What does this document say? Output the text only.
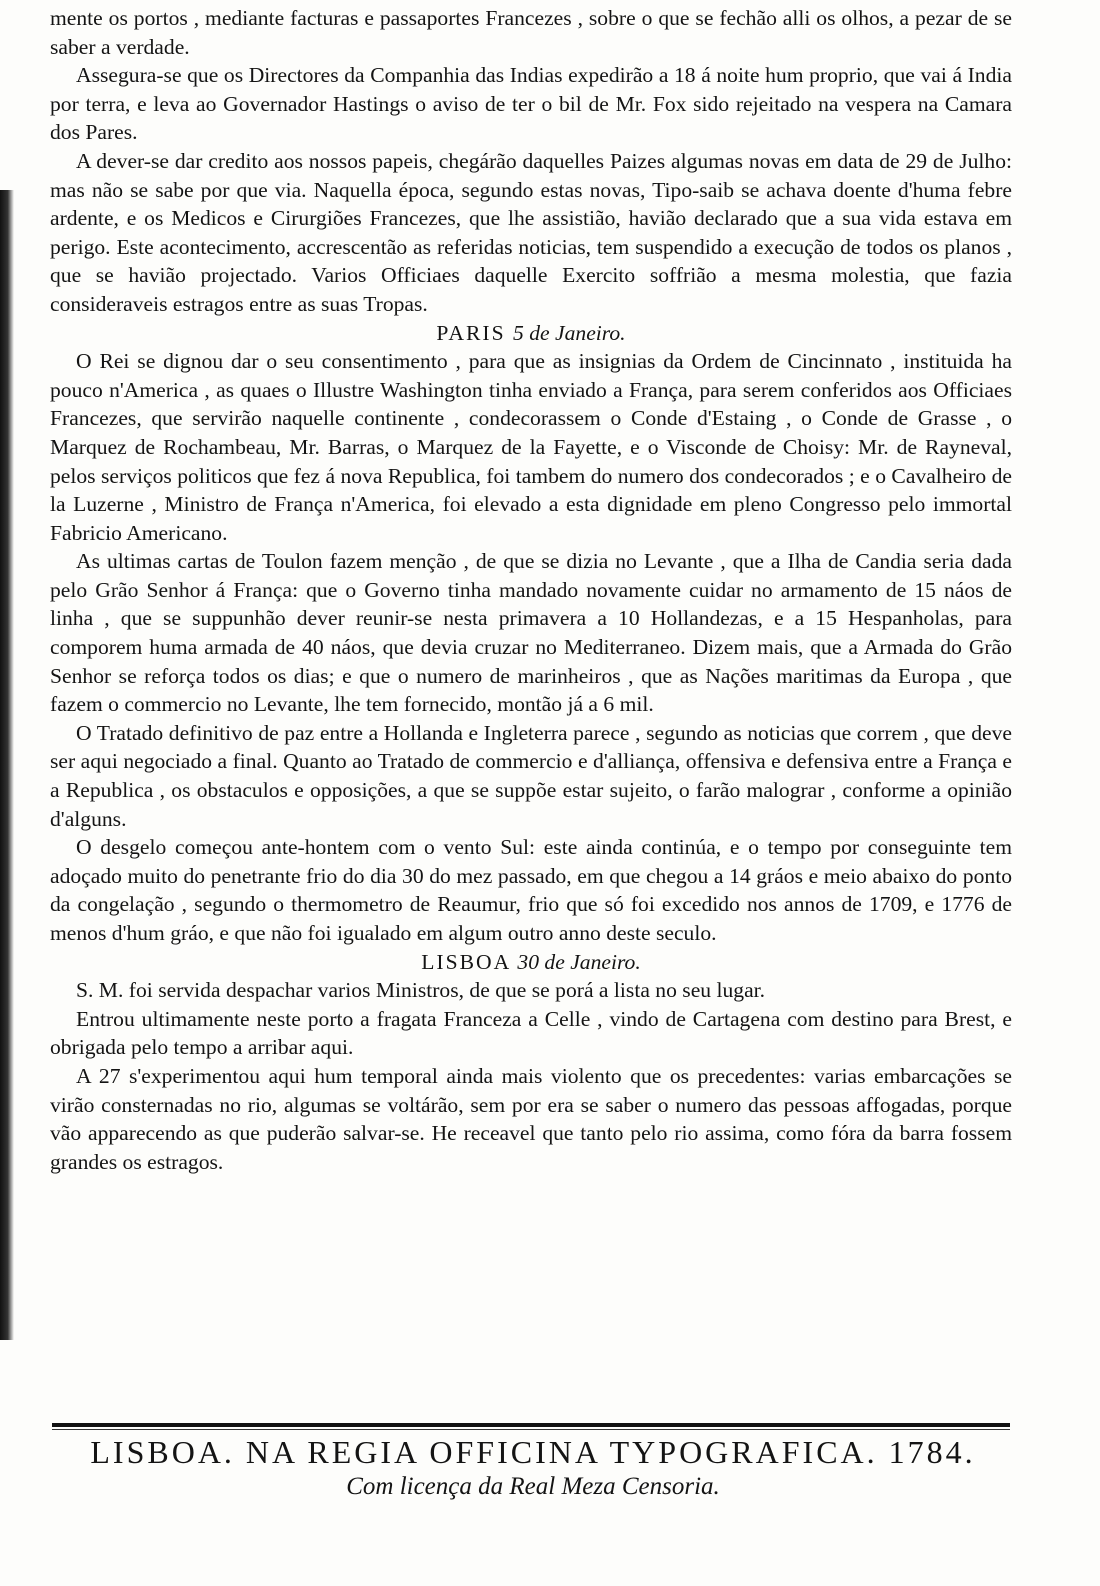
mente os portos , mediante facturas e passaportes Francezes , sobre o que se fechão alli os olhos, a pezar de se saber a verdade.

Assegura-se que os Directores da Companhia das Indias expedirão a 18 á noite hum proprio, que vai á India por terra, e leva ao Governador Hastings o aviso de ter o bil de Mr. Fox sido rejeitado na vespera na Camara dos Pares.

A dever-se dar credito aos nossos papeis, chegárão daquelles Paizes algumas novas em data de 29 de Julho: mas não se sabe por que via. Naquella época, segundo estas novas, Tipo-saib se achava doente d'huma febre ardente, e os Medicos e Cirurgiões Francezes, que lhe assistião, havião declarado que a sua vida estava em perigo. Este acontecimento, accrescentão as referidas noticias, tem suspendido a execução de todos os planos , que se havião projectado. Varios Officiaes daquelle Exercito soffrião a mesma molestia, que fazia consideraveis estragos entre as suas Tropas.

PARIS 5 de Janeiro.

O Rei se dignou dar o seu consentimento , para que as insignias da Ordem de Cincinnato , instituida ha pouco n'America , as quaes o Illustre Washington tinha enviado a França, para serem conferidos aos Officiaes Francezes, que servirão naquelle continente , condecorassem o Conde d'Estaing , o Conde de Grasse , o Marquez de Rochambeau, Mr. Barras, o Marquez de la Fayette, e o Visconde de Choisy: Mr. de Rayneval, pelos serviços politicos que fez á nova Republica, foi tambem do numero dos condecorados ; e o Cavalheiro de la Luzerne , Ministro de França n'America, foi elevado a esta dignidade em pleno Congresso pelo immortal Fabricio Americano.

As ultimas cartas de Toulon fazem menção , de que se dizia no Levante , que a Ilha de Candia seria dada pelo Grão Senhor á França: que o Governo tinha mandado novamente cuidar no armamento de 15 náos de linha , que se suppunhão dever reunir-se nesta primavera a 10 Hollandezas, e a 15 Hespanholas, para comporem huma armada de 40 náos, que devia cruzar no Mediterraneo. Dizem mais, que a Armada do Grão Senhor se reforça todos os dias; e que o numero de marinheiros , que as Nações maritimas da Europa , que fazem o commercio no Levante, lhe tem fornecido, montão já a 6 mil.

O Tratado definitivo de paz entre a Hollanda e Ingleterra parece , segundo as noticias que correm , que deve ser aqui negociado a final. Quanto ao Tratado de commercio e d'alliança, offensiva e defensiva entre a França e a Republica , os obstaculos e opposições, a que se suppõe estar sujeito, o farão malograr , conforme a opinião d'alguns.

O desgelo começou ante-hontem com o vento Sul: este ainda continúa, e o tempo por conseguinte tem adoçado muito do penetrante frio do dia 30 do mez passado, em que chegou a 14 gráos e meio abaixo do ponto da congelação , segundo o thermometro de Reaumur, frio que só foi excedido nos annos de 1709, e 1776 de menos d'hum gráo, e que não foi igualado em algum outro anno deste seculo.

LISBOA 30 de Janeiro.

S. M. foi servida despachar varios Ministros, de que se porá a lista no seu lugar.

Entrou ultimamente neste porto a fragata Franceza a Celle , vindo de Cartagena com destino para Brest, e obrigada pelo tempo a arribar aqui.

A 27 s'experimentou aqui hum temporal ainda mais violento que os precedentes: varias embarcações se virão consternadas no rio, algumas se voltárão, sem por era se saber o numero das pessoas affogadas, porque vão apparecendo as que puderão salvar-se. He receavel que tanto pelo rio assima, como fóra da barra fossem grandes os estragos.

LISBOA. NA REGIA OFFICINA TYPOGRAFICA. 1784.
Com licença da Real Meza Censoria.
